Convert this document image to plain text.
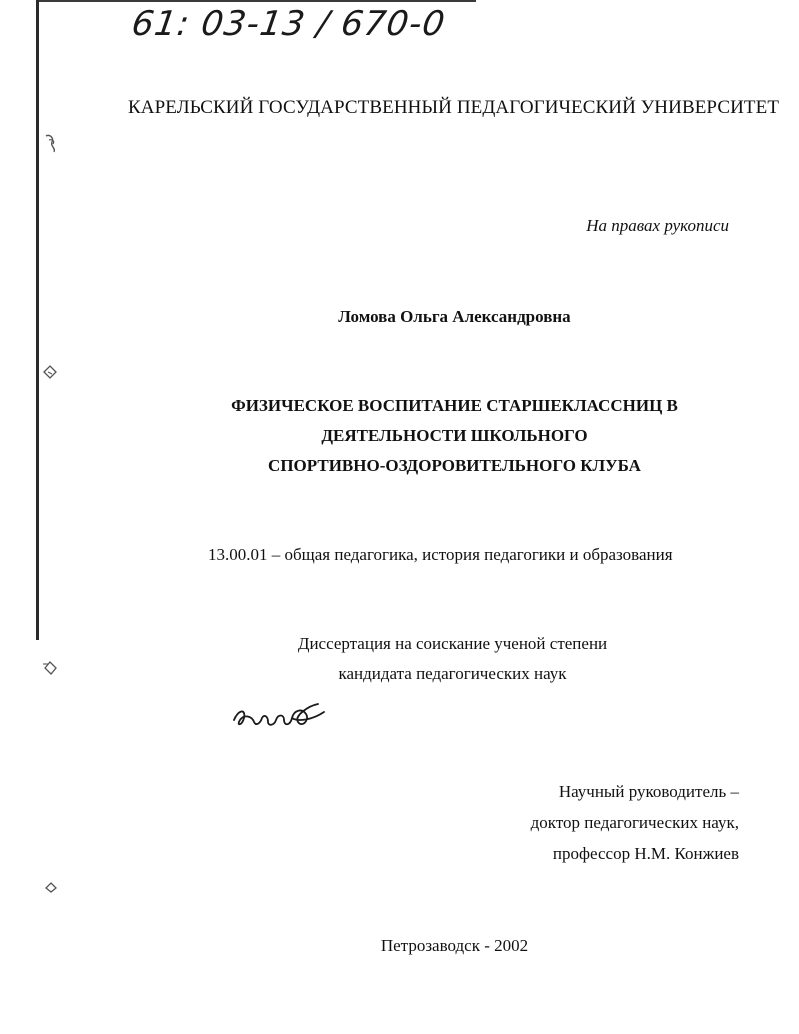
61: 03-13 / 670-0
КАРЕЛЬСКИЙ ГОСУДАРСТВЕННЫЙ ПЕДАГОГИЧЕСКИЙ УНИВЕРСИТЕТ
На правах рукописи
Ломова Ольга Александровна
ФИЗИЧЕСКОЕ ВОСПИТАНИЕ СТАРШЕКЛАССНИЦ В
ДЕЯТЕЛЬНОСТИ ШКОЛЬНОГО
СПОРТИВНО-ОЗДОРОВИТЕЛЬНОГО КЛУБА
13.00.01 – общая педагогика, история педагогики и образования
Диссертация на соискание ученой степени
кандидата педагогических наук
Научный руководитель –
доктор педагогических наук,
профессор Н.М. Конжиев
Петрозаводск - 2002
